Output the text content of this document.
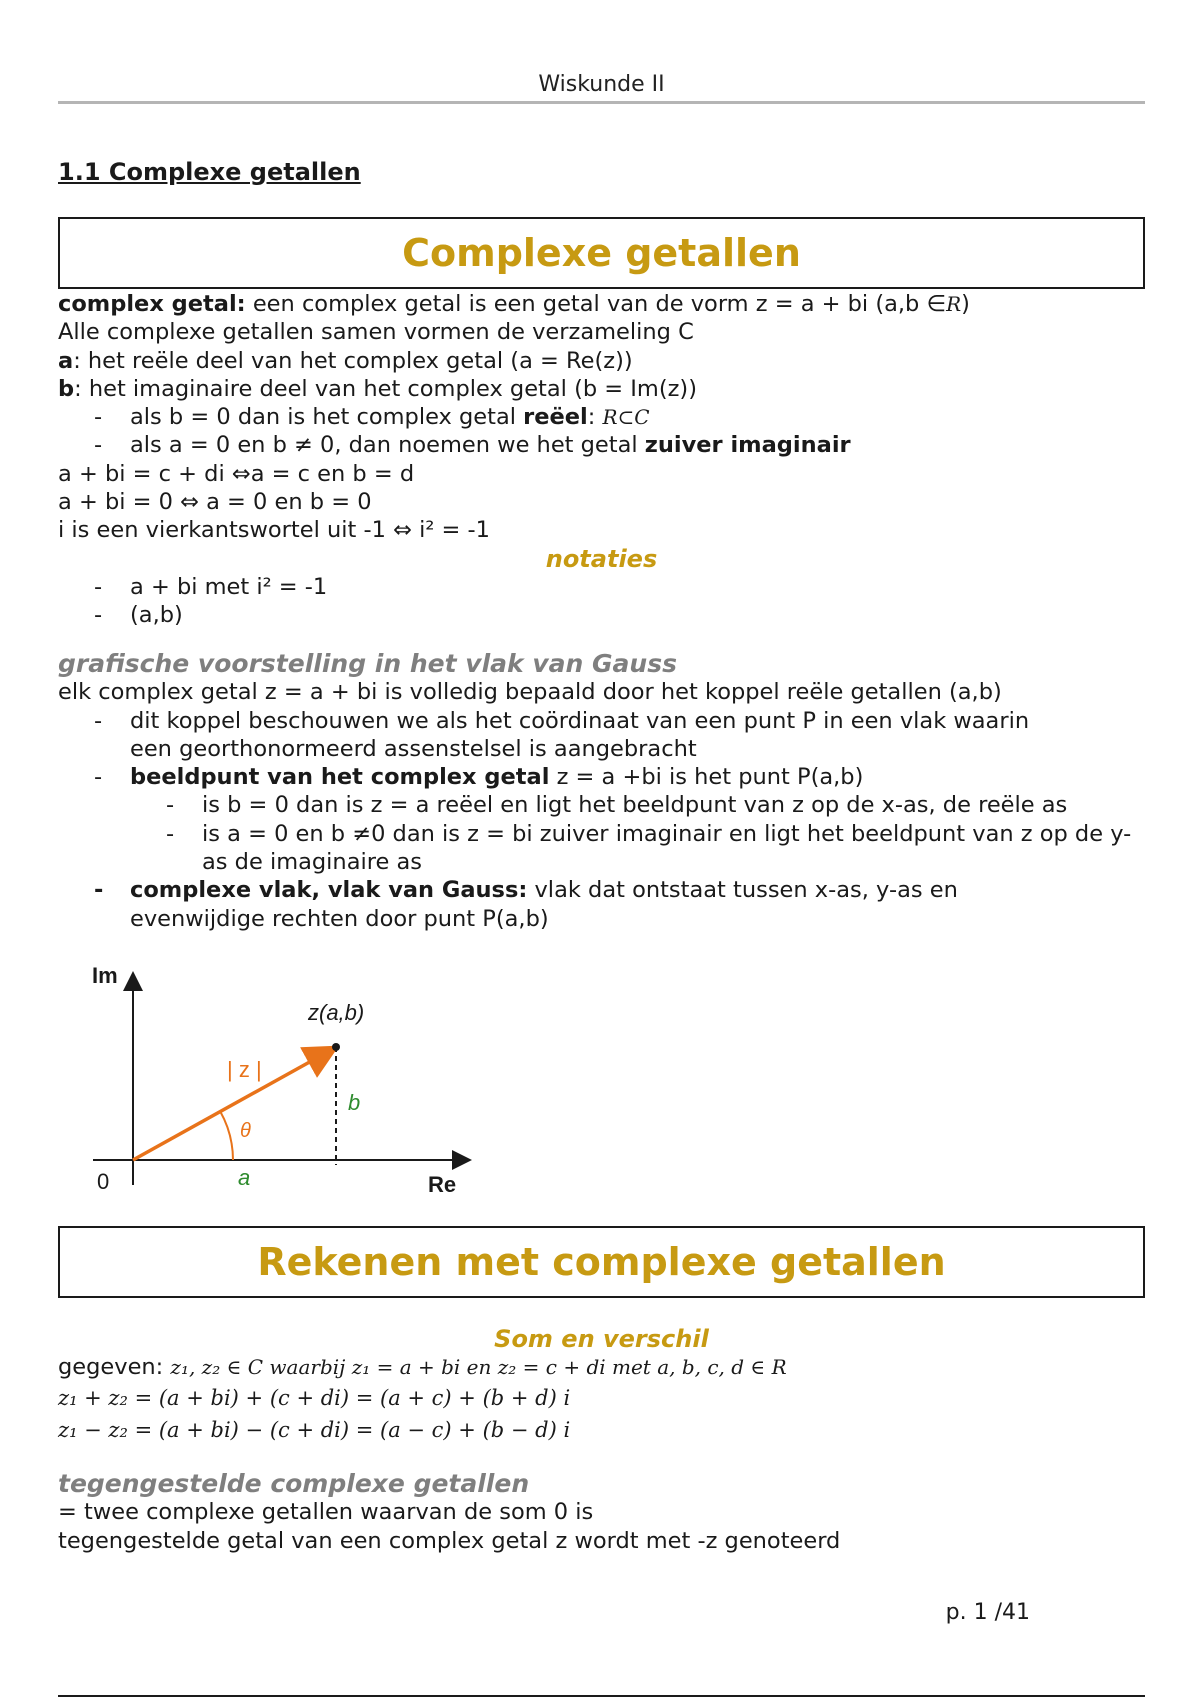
Wiskunde II
1.1 Complexe getallen
Complexe getallen
complex getal: een complex getal is een getal van de vorm z = a + bi (a,b ∈R)
Alle complexe getallen samen vormen de verzameling C
a: het reële deel van het complex getal (a = Re(z))
b: het imaginaire deel van het complex getal (b = Im(z))
- als b = 0 dan is het complex getal reëel: R⊂C
- als a = 0 en b ≠ 0, dan noemen we het getal zuiver imaginair
a + bi = c + di ⇔a = c en b = d
a + bi = 0 ⇔ a = 0 en b = 0
i is een vierkantswortel uit -1 ⇔ i² = -1
notaties
- a + bi met i² = -1
- (a,b)
grafische voorstelling in het vlak van Gauss
elk complex getal z = a + bi is volledig bepaald door het koppel reële getallen (a,b)
- dit koppel beschouwen we als het coördinaat van een punt P in een vlak waarin een georthonormeerd assenstelsel is aangebracht
- beeldpunt van het complex getal z = a +bi is het punt P(a,b)
- is b = 0 dan is z = a reëel en ligt het beeldpunt van z op de x-as, de reële as
- is a = 0 en b ≠0 dan is z = bi zuiver imaginair en ligt het beeldpunt van z op de y-as de imaginaire as
- complexe vlak, vlak van Gauss: vlak dat ontstaat tussen x-as, y-as en evenwijdige rechten door punt P(a,b)
Im
Re
0
z(a,b)
| z |
θ
a
b
Rekenen met complexe getallen
Som en verschil
gegeven: z₁, z₂ ∈ C waarbij z₁ = a + bi en z₂ = c + di met a, b, c, d ∈ R
z₁ + z₂ = (a + bi) + (c + di) = (a + c) + (b + d) i
z₁ − z₂ = (a + bi) − (c + di) = (a − c) + (b − d) i
tegengestelde complexe getallen
= twee complexe getallen waarvan de som 0 is
tegengestelde getal van een complex getal z wordt met -z genoteerd
p. 1 /41
